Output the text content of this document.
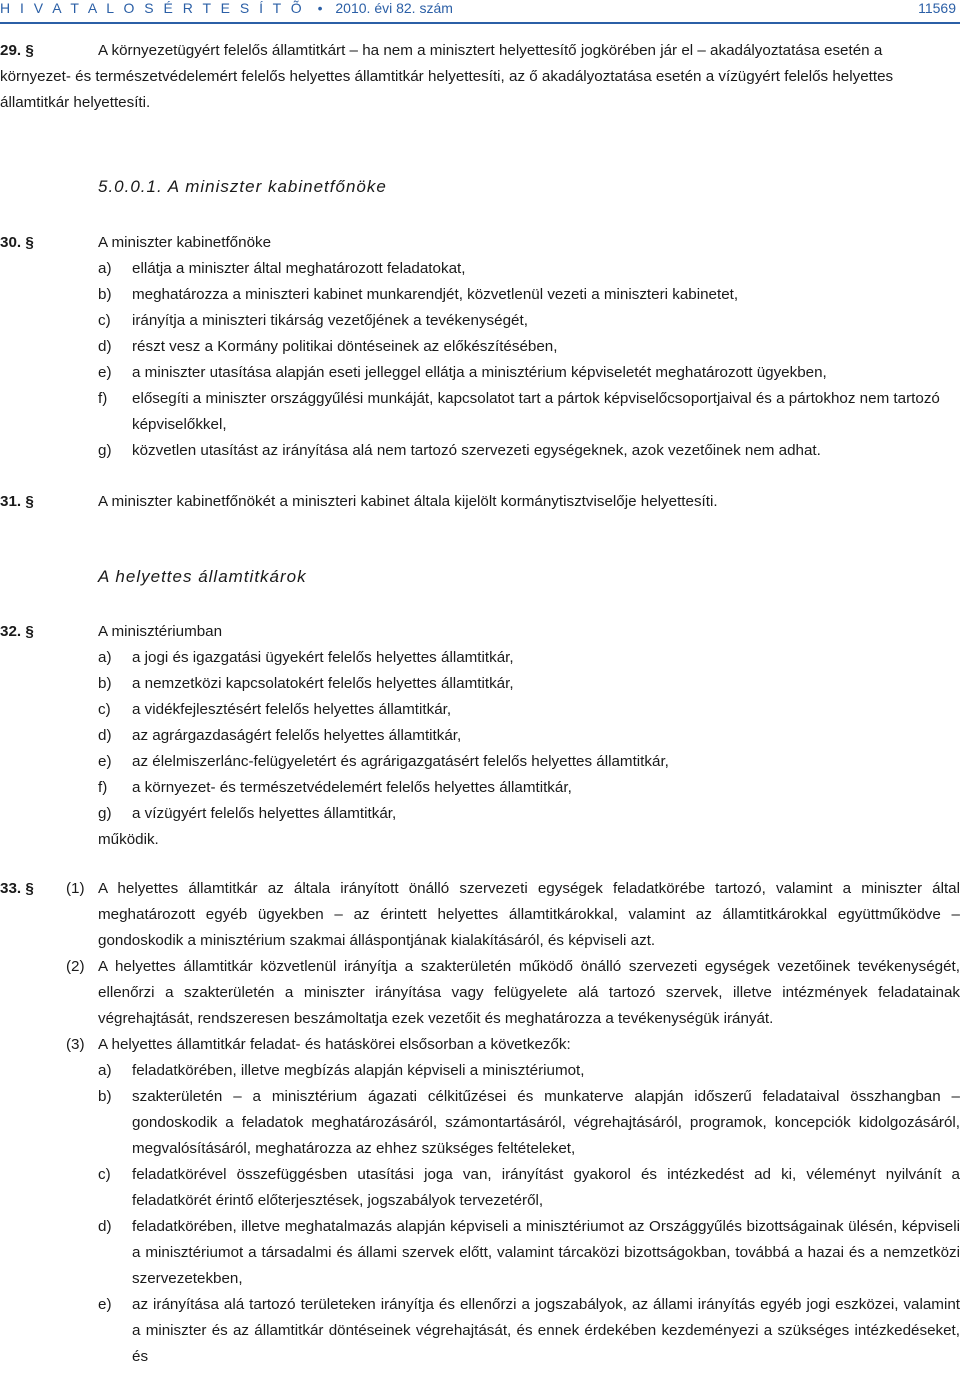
H I V A T A L O S É R T E S Í T Õ • 2010. évi 82. szám	11569
29. §	A környezetügyért felelős államtitkárt – ha nem a minisztert helyettesítő jogkörében jár el – akadályoztatása esetén a
környezet- és természetvédelemért felelős helyettes államtitkár helyettesíti, az ő akadályoztatása esetén a vízügyért felelős helyettes államtitkár helyettesíti.
5.0.0.1. A miniszter kabinetfőnöke
30. §	A miniszter kabinetfőnöke
a) ellátja a miniszter által meghatározott feladatokat,
b) meghatározza a miniszteri kabinet munkarendjét, közvetlenül vezeti a miniszteri kabinetet,
c) irányítja a miniszteri tikárság vezetőjének a tevékenységét,
d) részt vesz a Kormány politikai döntéseinek az előkészítésében,
e) a miniszter utasítása alapján eseti jelleggel ellátja a minisztérium képviseletét meghatározott ügyekben,
f) elősegíti a miniszter országgyűlési munkáját, kapcsolatot tart a pártok képviselőcsoportjaival és a pártokhoz nem tartozó képviselőkkel,
g) közvetlen utasítást az irányítása alá nem tartozó szervezeti egységeknek, azok vezetőinek nem adhat.
31. §	A miniszter kabinetfőnökét a miniszteri kabinet általa kijelölt kormánytisztviselője helyettesíti.
A helyettes államtitkárok
32. §	A minisztériumban
a) a jogi és igazgatási ügyekért felelős helyettes államtitkár,
b) a nemzetközi kapcsolatokért felelős helyettes államtitkár,
c) a vidékfejlesztésért felelős helyettes államtitkár,
d) az agrárgazdaságért felelős helyettes államtitkár,
e) az élelmiszerlánc-felügyeletért és agrárigazgatásért felelős helyettes államtitkár,
f) a környezet- és természetvédelemért felelős helyettes államtitkár,
g) a vízügyért felelős helyettes államtitkár,
működik.
33. § (1) A helyettes államtitkár az általa irányított önálló szervezeti egységek feladatkörébe tartozó, valamint a miniszter által meghatározott egyéb ügyekben – az érintett helyettes államtitkárokkal, valamint az államtitkárokkal együttműködve – gondoskodik a minisztérium szakmai álláspontjának kialakításáról, és képviseli azt.
(2) A helyettes államtitkár közvetlenül irányítja a szakterületén működő önálló szervezeti egységek vezetőinek tevékenységét, ellenőrzi a szakterületén a miniszter irányítása vagy felügyelete alá tartozó szervek, illetve intézmények feladatainak végrehajtását, rendszeresen beszámoltatja ezek vezetőit és meghatározza a tevékenységük irányát.
(3) A helyettes államtitkár feladat- és hatáskörei elsősorban a következők:
a) feladatkörében, illetve megbízás alapján képviseli a minisztériumot,
b) szakterületén – a minisztérium ágazati célkitűzései és munkaterve alapján időszerű feladataival összhangban – gondoskodik a feladatok meghatározásáról, számontartásáról, végrehajtásáról, programok, koncepciók kidolgozásáról, megvalósításáról, meghatározza az ehhez szükséges feltételeket,
c) feladatkörével összefüggésben utasítási joga van, irányítást gyakorol és intézkedést ad ki, véleményt nyilvánít a feladatkörét érintő előterjesztések, jogszabályok tervezetéről,
d) feladatkörében, illetve meghatalmazás alapján képviseli a minisztériumot az Országgyűlés bizottságainak ülésén, képviseli a minisztériumot a társadalmi és állami szervek előtt, valamint tárcaközi bizottságokban, továbbá a hazai és a nemzetközi szervezetekben,
e) az irányítása alá tartozó területeken irányítja és ellenőrzi a jogszabályok, az állami irányítás egyéb jogi eszközei, valamint a miniszter és az államtitkár döntéseinek végrehajtását, és ennek érdekében kezdeményezi a szükséges intézkedéseket, és
